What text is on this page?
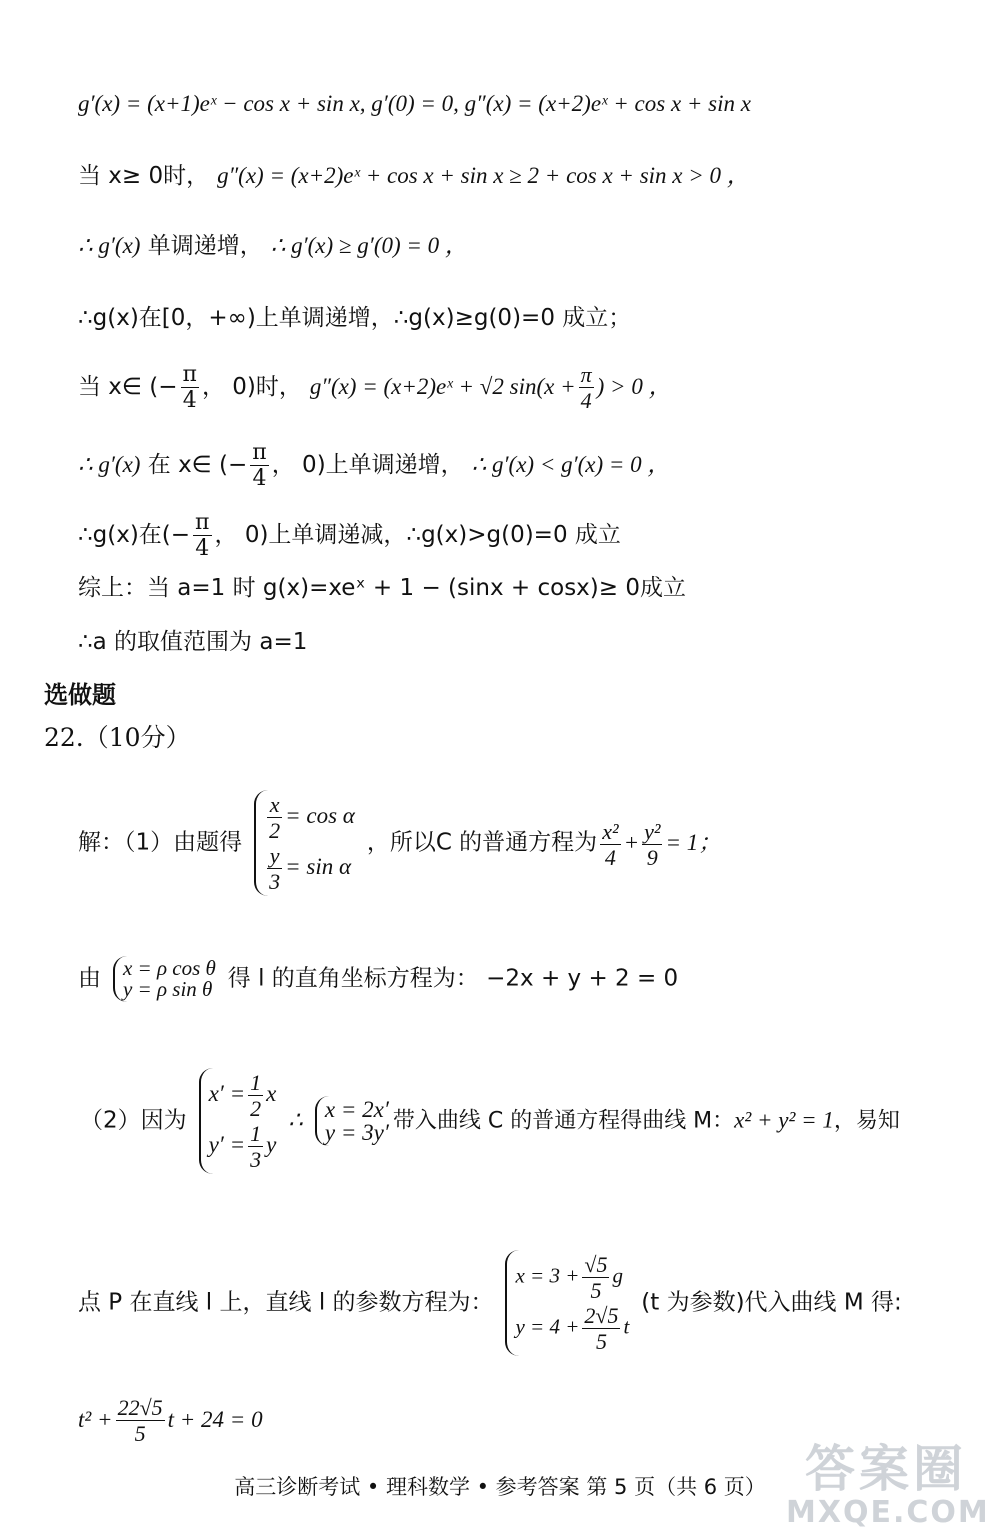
g′(x) = (x+1)eˣ − cos x + sin x, g′(0) = 0, g″(x) = (x+2)eˣ + cos x + sin x
当 x≥ 0时， g″(x) = (x+2)eˣ + cos x + sin x ≥ 2 + cos x + sin x > 0 ，
∴ g′(x) 单调递增， ∴ g′(x) ≥ g′(0) = 0 ，
∴g(x)在[0，+∞)上单调递增，∴g(x)≥g(0)=0 成立；
当 x∈ (− $\frac{\pi}{4}$ ， 0)时， g″(x) = (x+2)eˣ + √2 $\sin(x + \frac{\pi}{4}$ ) > 0 ，
∴ g′(x) 在 x∈ (− $\frac{\pi}{4}$ ， 0)上单调递增， ∴ g′(x) < g′(x) = 0 ，
∴g(x)在(− $\frac{\pi}{4}$ ， 0)上单调递减，∴g(x)>g(0)=0 成立
综上：当 a=1 时 g(x)=xeˣ + 1 − (sinx + cosx)≥ 0成立
∴a 的取值范围为 a=1
选做题
22.（10分）
解：（1）由题得 $\frac{x}{2} = \cos \alpha$
$\frac{y}{3} = \sin \alpha$
，所以C 的普通方程为 $\frac{\text{x²}}{4} + \frac{\text{y²}}{9} = 1$；
由 x = ρ cos θ
y = ρ sin θ 得 l 的直角坐标方程为： −2x + y + 2 = 0
（2）因为
$x' = \frac{1}{2}$ x
$y' = \frac{1}{3}$ y
∴ x = 2x′
y = 3y′ 带入曲线 C 的普通方程得曲线 M：x² + y² = 1，易知
点 P 在直线 l 上，直线 l 的参数方程为：
$x = 3 + \frac{√5}{5}$ g
$y = 4 + \frac{2√5}{5}$ t
(t 为参数)代入曲线 M 得:
$t^2 + \frac{22√5}{5}$ t + 24 = 0
高三诊断考试 • 理科数学 • 参考答案 第 5 页（共 6 页） 答案圈
MXQE.COM
